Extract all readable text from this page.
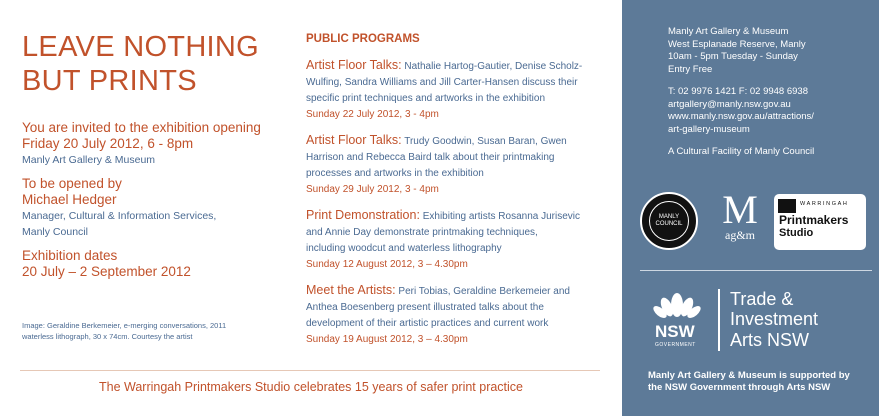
LEAVE NOTHING
BUT PRINTS
You are invited to the exhibition opening
Friday 20 July 2012, 6 - 8pm
Manly Art Gallery & Museum
To be opened by
Michael Hedger
Manager, Cultural & Information Services,
Manly Council
Exhibition dates
20 July – 2 September 2012
Image: Geraldine Berkemeier, e-merging conversations, 2011
waterless lithograph, 30 x 74cm. Courtesy the artist
PUBLIC PROGRAMS
Artist Floor Talks: Nathalie Hartog-Gautier, Denise Scholz-
Wulfing, Sandra Williams and Jill Carter-Hansen discuss their
specific print techniques and artworks in the exhibition
Sunday 22 July 2012, 3 - 4pm
Artist Floor Talks: Trudy Goodwin, Susan Baran, Gwen
Harrison and Rebecca Baird talk about their printmaking
processes and artworks in the exhibition
Sunday 29 July 2012, 3 - 4pm
Print Demonstration: Exhibiting artists Rosanna Jurisevic
and Annie Day demonstrate printmaking techniques,
including woodcut and waterless lithography
Sunday 12 August 2012, 3 – 4.30pm
Meet the Artists: Peri Tobias, Geraldine Berkemeier and
Anthea Boesenberg present illustrated talks about the
development of their artistic practices and current work
Sunday 19 August 2012, 3 – 4.30pm
The Warringah Printmakers Studio celebrates 15 years of safer print practice
Manly Art Gallery & Museum
West Esplanade Reserve, Manly
10am - 5pm Tuesday - Sunday
Entry Free
T: 02 9976 1421 F: 02 9948 6938
artgallery@manly.nsw.gov.au
www.manly.nsw.gov.au/attractions/
art-gallery-museum
A Cultural Facility of Manly Council
MANLY COUNCIL M
ag&m
WARRINGAH
Printmakers
Studio
NSW
GOVERNMENT
Trade &
Investment
Arts NSW
Manly Art Gallery & Museum is supported by
the NSW Government through Arts NSW
